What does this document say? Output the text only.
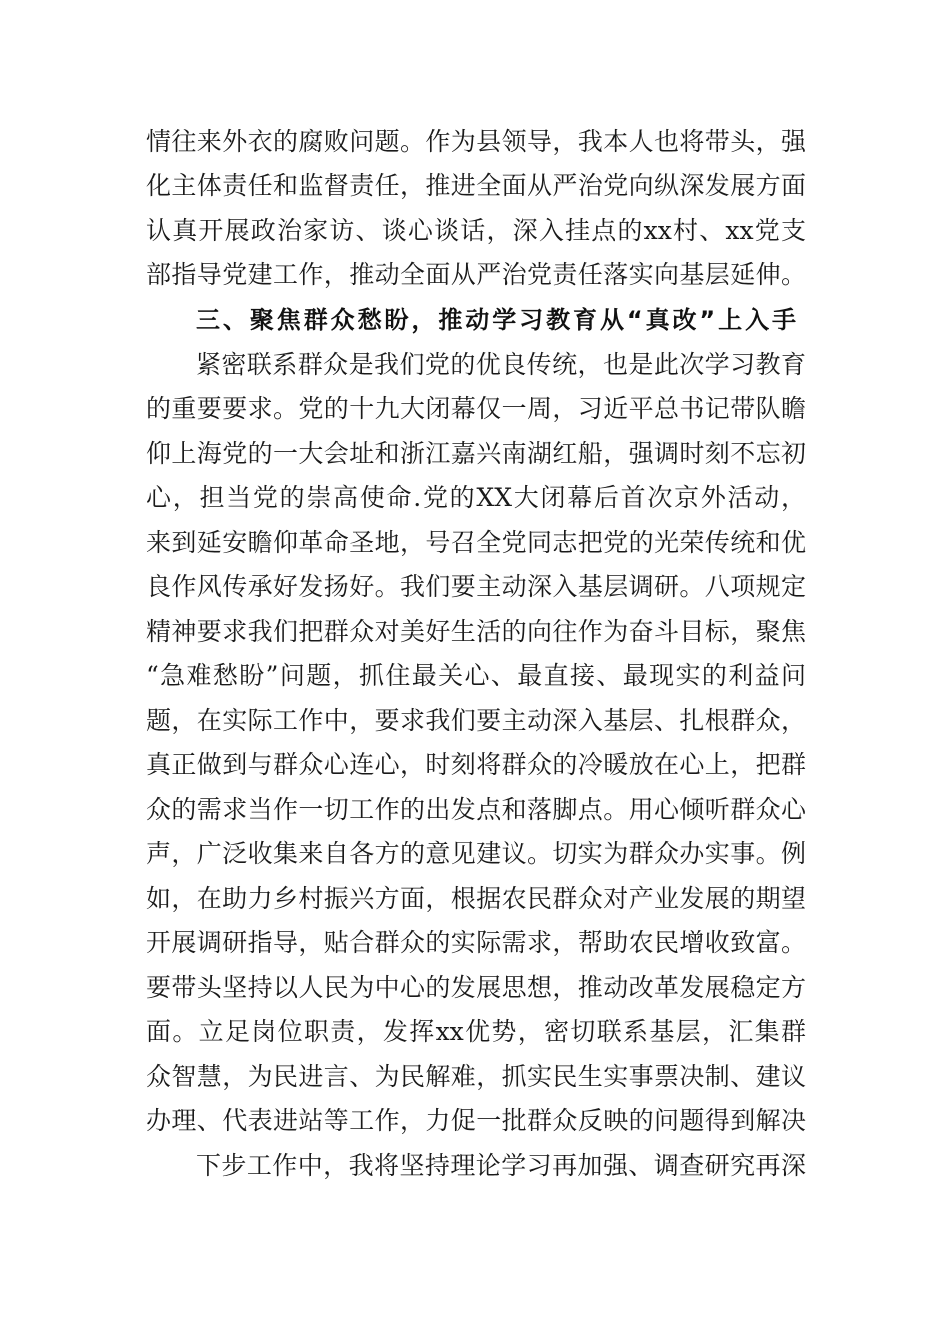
情往来外衣的腐败问题。作为县领导，我本人也将带头，强
化主体责任和监督责任，推进全面从严治党向纵深发展方面
认真开展政治家访、谈心谈话，深入挂点的xx村、xx党支
部指导党建工作，推动全面从严治党责任落实向基层延伸。
三、聚焦群众愁盼，推动学习教育从“真改”上入手
紧密联系群众是我们党的优良传统，也是此次学习教育
的重要要求。党的十九大闭幕仅一周，习近平总书记带队瞻
仰上海党的一大会址和浙江嘉兴南湖红船，强调时刻不忘初
心，担当党的崇高使命.党的XX大闭幕后首次京外活动，
来到延安瞻仰革命圣地，号召全党同志把党的光荣传统和优
良作风传承好发扬好。我们要主动深入基层调研。八项规定
精神要求我们把群众对美好生活的向往作为奋斗目标，聚焦
“急难愁盼”问题，抓住最关心、最直接、最现实的利益问
题，在实际工作中，要求我们要主动深入基层、扎根群众，
真正做到与群众心连心，时刻将群众的冷暖放在心上，把群
众的需求当作一切工作的出发点和落脚点。用心倾听群众心
声，广泛收集来自各方的意见建议。切实为群众办实事。例
如，在助力乡村振兴方面，根据农民群众对产业发展的期望
开展调研指导，贴合群众的实际需求，帮助农民增收致富。
要带头坚持以人民为中心的发展思想，推动改革发展稳定方
面。立足岗位职责，发挥xx优势，密切联系基层，汇集群
众智慧，为民进言、为民解难，抓实民生实事票决制、建议
办理、代表进站等工作，力促一批群众反映的问题得到解决
下步工作中，我将坚持理论学习再加强、调查研究再深
